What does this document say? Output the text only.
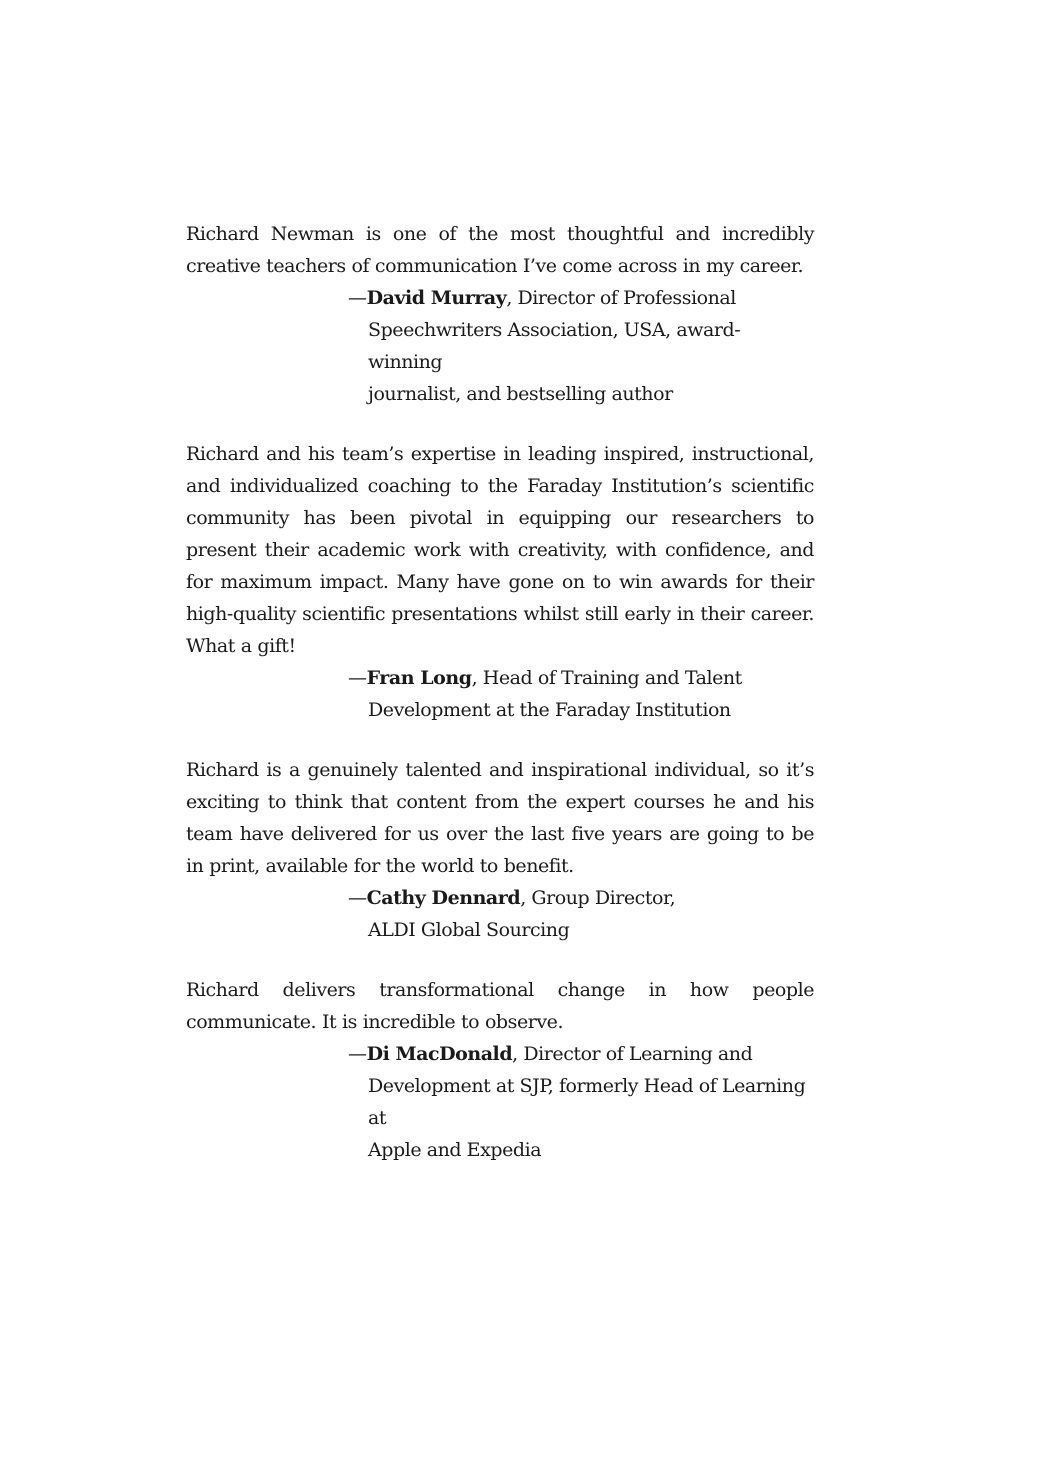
Richard Newman is one of the most thoughtful and incredibly creative teachers of communication I’ve come across in my career.

—David Murray, Director of Professional
Speechwriters Association, USA, award-winning
journalist, and bestselling author

Richard and his team’s expertise in leading inspired, instructional, and individualized coaching to the Faraday Institution’s scientific community has been pivotal in equipping our researchers to present their academic work with creativity, with confidence, and for maximum impact. Many have gone on to win awards for their high-quality scientific presentations whilst still early in their career. What a gift!

—Fran Long, Head of Training and Talent
Development at the Faraday Institution

Richard is a genuinely talented and inspirational individual, so it’s exciting to think that content from the expert courses he and his team have delivered for us over the last five years are going to be in print, available for the world to benefit.

—Cathy Dennard, Group Director,
ALDI Global Sourcing

Richard delivers transformational change in how people communicate. It is incredible to observe.

—Di MacDonald, Director of Learning and
Development at SJP, formerly Head of Learning at
Apple and Expedia
